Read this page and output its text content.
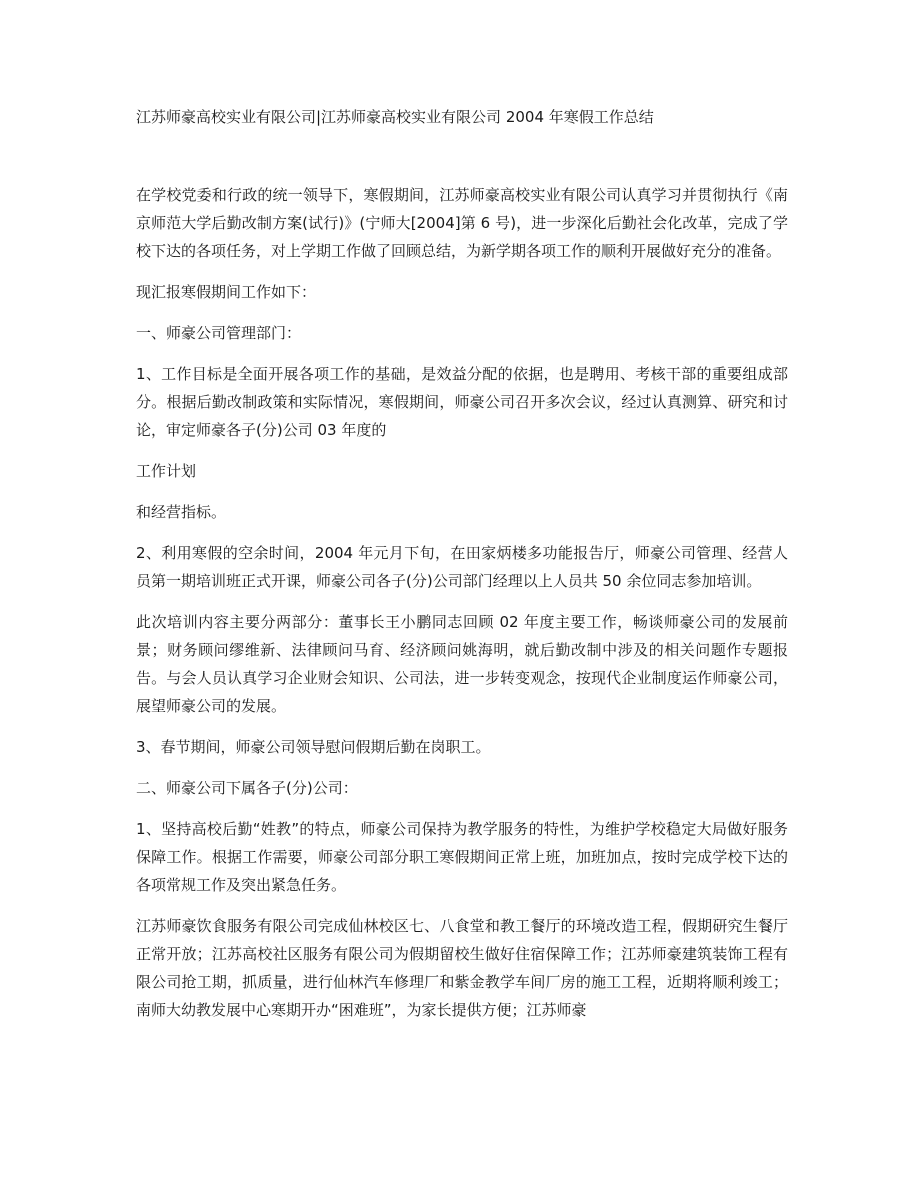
江苏师豪高校实业有限公司|江苏师豪高校实业有限公司 2004 年寒假工作总结

在学校党委和行政的统一领导下，寒假期间，江苏师豪高校实业有限公司认真学习并贯彻执行《南京师范大学后勤改制方案(试行)》(宁师大[2004]第 6 号)，进一步深化后勤社会化改革，完成了学校下达的各项任务，对上学期工作做了回顾总结，为新学期各项工作的顺利开展做好充分的准备。

现汇报寒假期间工作如下：

一、师豪公司管理部门：

1、工作目标是全面开展各项工作的基础，是效益分配的依据，也是聘用、考核干部的重要组成部分。根据后勤改制政策和实际情况，寒假期间，师豪公司召开多次会议，经过认真测算、研究和讨论，审定师豪各子(分)公司 03 年度的

工作计划

和经营指标。

2、利用寒假的空余时间，2004 年元月下旬，在田家炳楼多功能报告厅，师豪公司管理、经营人员第一期培训班正式开课，师豪公司各子(分)公司部门经理以上人员共 50 余位同志参加培训。

此次培训内容主要分两部分：董事长王小鹏同志回顾 02 年度主要工作，畅谈师豪公司的发展前景；财务顾问缪维新、法律顾问马育、经济顾问姚海明，就后勤改制中涉及的相关问题作专题报告。与会人员认真学习企业财会知识、公司法，进一步转变观念，按现代企业制度运作师豪公司，展望师豪公司的发展。

3、春节期间，师豪公司领导慰问假期后勤在岗职工。

二、师豪公司下属各子(分)公司：

1、坚持高校后勤“姓教”的特点，师豪公司保持为教学服务的特性，为维护学校稳定大局做好服务保障工作。根据工作需要，师豪公司部分职工寒假期间正常上班，加班加点，按时完成学校下达的各项常规工作及突出紧急任务。

江苏师豪饮食服务有限公司完成仙林校区七、八食堂和教工餐厅的环境改造工程，假期研究生餐厅正常开放；江苏高校社区服务有限公司为假期留校生做好住宿保障工作；江苏师豪建筑装饰工程有限公司抢工期，抓质量，进行仙林汽车修理厂和紫金教学车间厂房的施工工程，近期将顺利竣工；南师大幼教发展中心寒期开办“困难班”，为家长提供方便；江苏师豪
